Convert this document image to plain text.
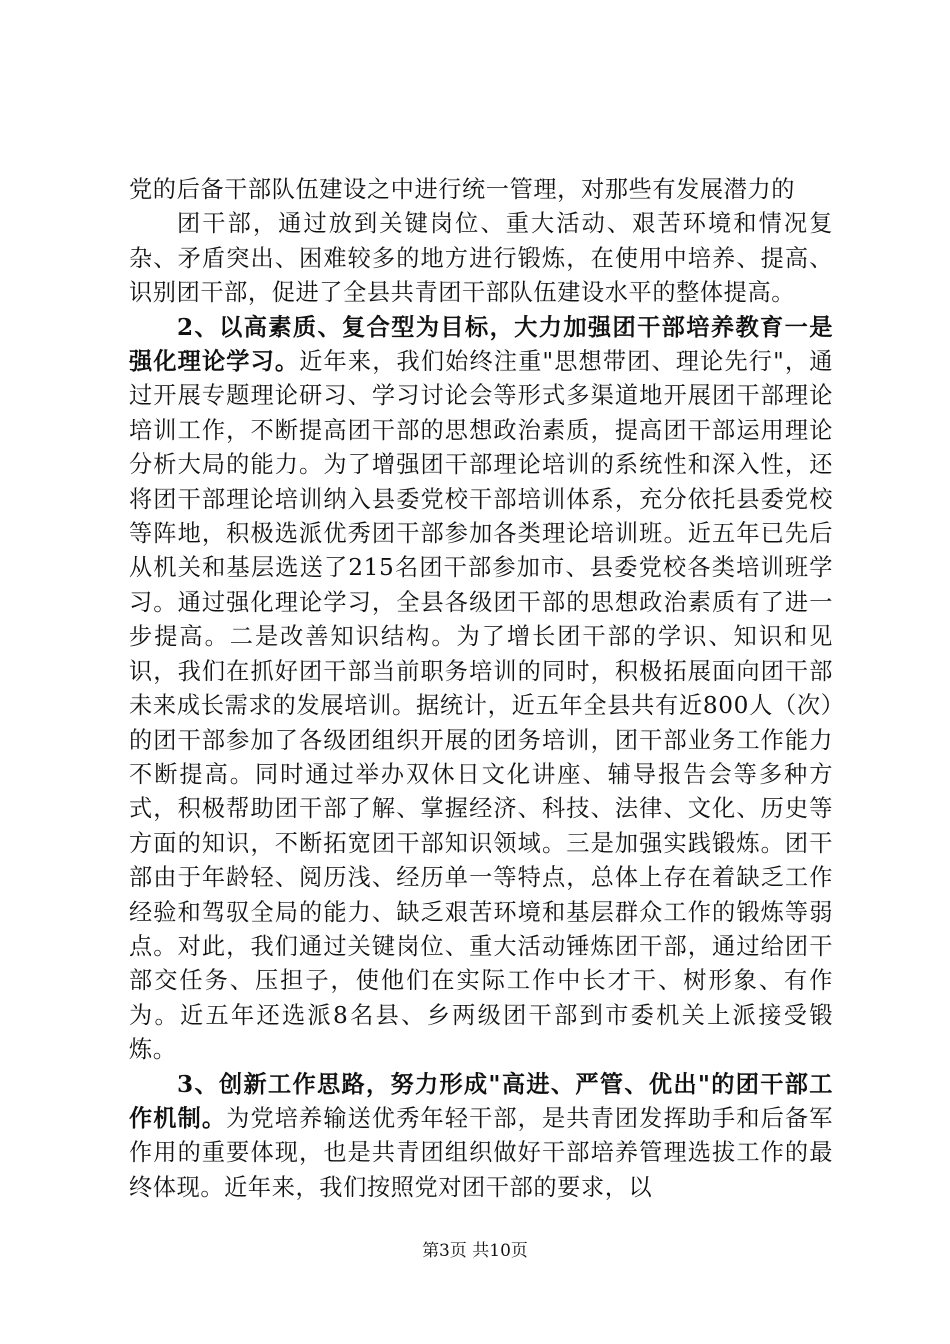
党的后备干部队伍建设之中进行统一管理，对那些有发展潜力的

团干部，通过放到关键岗位、重大活动、艰苦环境和情况复杂、矛盾突出、困难较多的地方进行锻炼，在使用中培养、提高、识别团干部，促进了全县共青团干部队伍建设水平的整体提高。

2、以高素质、复合型为目标，大力加强团干部培养教育一是强化理论学习。近年来，我们始终注重"思想带团、理论先行"，通过开展专题理论研习、学习讨论会等形式多渠道地开展团干部理论培训工作，不断提高团干部的思想政治素质，提高团干部运用理论分析大局的能力。为了增强团干部理论培训的系统性和深入性，还将团干部理论培训纳入县委党校干部培训体系，充分依托县委党校等阵地，积极选派优秀团干部参加各类理论培训班。近五年已先后从机关和基层选送了215名团干部参加市、县委党校各类培训班学习。通过强化理论学习，全县各级团干部的思想政治素质有了进一步提高。二是改善知识结构。为了增长团干部的学识、知识和见识，我们在抓好团干部当前职务培训的同时，积极拓展面向团干部未来成长需求的发展培训。据统计，近五年全县共有近800人（次）的团干部参加了各级团组织开展的团务培训，团干部业务工作能力不断提高。同时通过举办双休日文化讲座、辅导报告会等多种方式，积极帮助团干部了解、掌握经济、科技、法律、文化、历史等方面的知识，不断拓宽团干部知识领域。三是加强实践锻炼。团干部由于年龄轻、阅历浅、经历单一等特点，总体上存在着缺乏工作经验和驾驭全局的能力、缺乏艰苦环境和基层群众工作的锻炼等弱点。对此，我们通过关键岗位、重大活动锤炼团干部，通过给团干部交任务、压担子，使他们在实际工作中长才干、树形象、有作为。近五年还选派8名县、乡两级团干部到市委机关上派接受锻炼。

3、创新工作思路，努力形成"高进、严管、优出"的团干部工作机制。为党培养输送优秀年轻干部，是共青团发挥助手和后备军作用的重要体现，也是共青团组织做好干部培养管理选拔工作的最终体现。近年来，我们按照党对团干部的要求，以

第3页 共10页
